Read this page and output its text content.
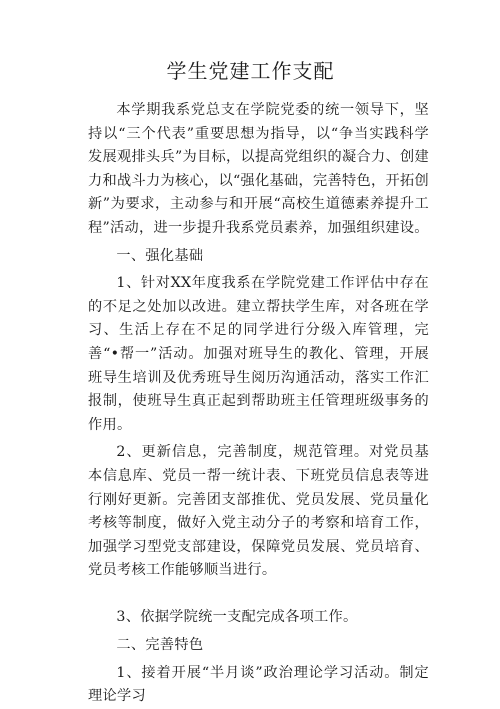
学生党建工作支配

本学期我系党总支在学院党委的统一领导下，坚持以“三个代表”重要思想为指导，以“争当实践科学发展观排头兵”为目标，以提高党组织的凝合力、创建力和战斗力为核心，以“强化基础，完善特色，开拓创新”为要求，主动参与和开展“高校生道德素养提升工程”活动，进一步提升我系党员素养，加强组织建设。

一、强化基础

1、针对XX年度我系在学院党建工作评估中存在的不足之处加以改进。建立帮扶学生库，对各班在学习、生活上存在不足的同学进行分级入库管理，完善“•帮一”活动。加强对班导生的教化、管理，开展班导生培训及优秀班导生阅历沟通活动，落实工作汇报制，使班导生真正起到帮助班主任管理班级事务的作用。

2、更新信息，完善制度，规范管理。对党员基本信息库、党员一帮一统计表、下班党员信息表等进行刚好更新。完善团支部推优、党员发展、党员量化考核等制度，做好入党主动分子的考察和培育工作，加强学习型党支部建设，保障党员发展、党员培育、党员考核工作能够顺当进行。

3、依据学院统一支配完成各项工作。

二、完善特色

1、接着开展“半月谈”政治理论学习活动。制定理论学习
